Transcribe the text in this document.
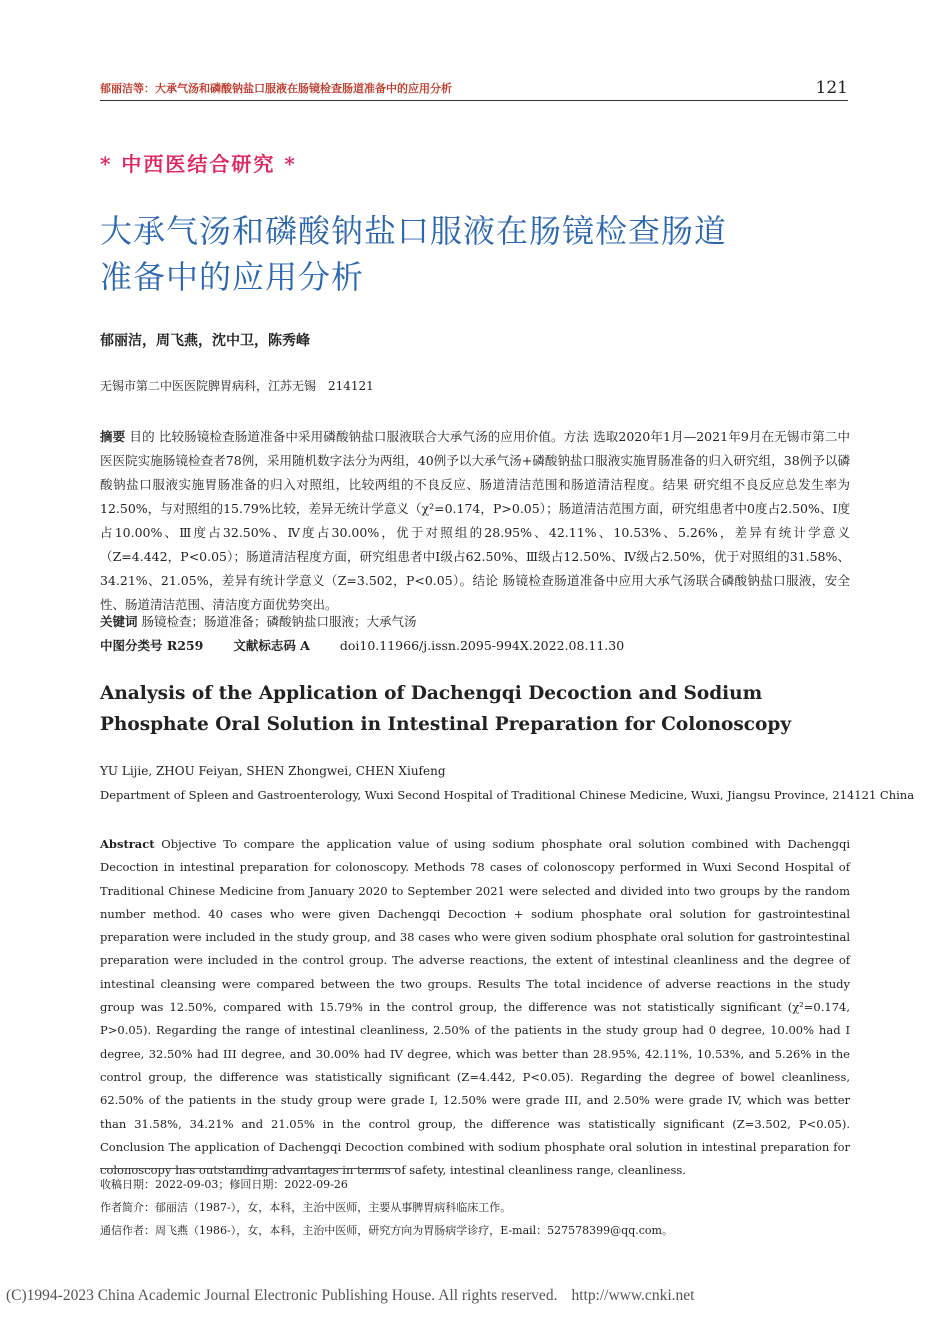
郁丽洁等：大承气汤和磷酸钠盐口服液在肠镜检查肠道准备中的应用分析	121
* 中西医结合研究 *
大承气汤和磷酸钠盐口服液在肠镜检查肠道
准备中的应用分析
郁丽洁，周飞燕，沈中卫，陈秀峰
无锡市第二中医医院脾胃病科，江苏无锡　214121
摘要 目的 比较肠镜检查肠道准备中采用磷酸钠盐口服液联合大承气汤的应用价值。方法 选取2020年1月—2021年9月在无锡市第二中医医院实施肠镜检查者78例，采用随机数字法分为两组，40例予以大承气汤+磷酸钠盐口服液实施胃肠准备的归入研究组，38例予以磷酸钠盐口服液实施胃肠准备的归入对照组，比较两组的不良反应、肠道清洁范围和肠道清洁程度。结果 研究组不良反应总发生率为12.50%，与对照组的15.79%比较，差异无统计学意义（χ²=0.174，P>0.05）；肠道清洁范围方面，研究组患者中0度占2.50%、Ⅰ度占10.00%、Ⅲ度占32.50%、Ⅳ度占30.00%，优于对照组的28.95%、42.11%、10.53%、5.26%，差异有统计学意义（Z=4.442，P<0.05）；肠道清洁程度方面，研究组患者中Ⅰ级占62.50%、Ⅲ级占12.50%、Ⅳ级占2.50%，优于对照组的31.58%、34.21%、21.05%，差异有统计学意义（Z=3.502，P<0.05）。结论 肠镜检查肠道准备中应用大承气汤联合磷酸钠盐口服液，安全性、肠道清洁范围、清洁度方面优势突出。
关键词 肠镜检查；肠道准备；磷酸钠盐口服液；大承气汤
中图分类号 R259 文献标志码 A doi10.11966/j.issn.2095-994X.2022.08.11.30
Analysis of the Application of Dachengqi Decoction and Sodium Phosphate Oral Solution in Intestinal Preparation for Colonoscopy
YU Lijie, ZHOU Feiyan, SHEN Zhongwei, CHEN Xiufeng
Department of Spleen and Gastroenterology, Wuxi Second Hospital of Traditional Chinese Medicine, Wuxi, Jiangsu Province, 214121 China
Abstract Objective To compare the application value of using sodium phosphate oral solution combined with Dachengqi Decoction in intestinal preparation for colonoscopy. Methods 78 cases of colonoscopy performed in Wuxi Second Hospital of Traditional Chinese Medicine from January 2020 to September 2021 were selected and divided into two groups by the random number method. 40 cases who were given Dachengqi Decoction + sodium phosphate oral solution for gastrointestinal preparation were included in the study group, and 38 cases who were given sodium phosphate oral solution for gastrointestinal preparation were included in the control group. The adverse reactions, the extent of intestinal cleanliness and the degree of intestinal cleansing were compared between the two groups. Results The total incidence of adverse reactions in the study group was 12.50%, compared with 15.79% in the control group, the difference was not statistically significant (χ²=0.174, P>0.05). Regarding the range of intestinal cleanliness, 2.50% of the patients in the study group had 0 degree, 10.00% had I degree, 32.50% had III degree, and 30.00% had IV degree, which was better than 28.95%, 42.11%, 10.53%, and 5.26% in the control group, the difference was statistically significant (Z=4.442, P<0.05). Regarding the degree of bowel cleanliness, 62.50% of the patients in the study group were grade I, 12.50% were grade III, and 2.50% were grade IV, which was better than 31.58%, 34.21% and 21.05% in the control group, the difference was statistically significant (Z=3.502, P<0.05). Conclusion The application of Dachengqi Decoction combined with sodium phosphate oral solution in intestinal preparation for colonoscopy has outstanding advantages in terms of safety, intestinal cleanliness range, cleanliness.
收稿日期：2022-09-03；修回日期：2022-09-26
作者简介：郁丽洁（1987-），女，本科，主治中医师，主要从事脾胃病科临床工作。
通信作者：周飞燕（1986-），女，本科，主治中医师，研究方向为胃肠病学诊疗，E-mail：527578399@qq.com。
(C)1994-2023 China Academic Journal Electronic Publishing House. All rights reserved. http://www.cnki.net
